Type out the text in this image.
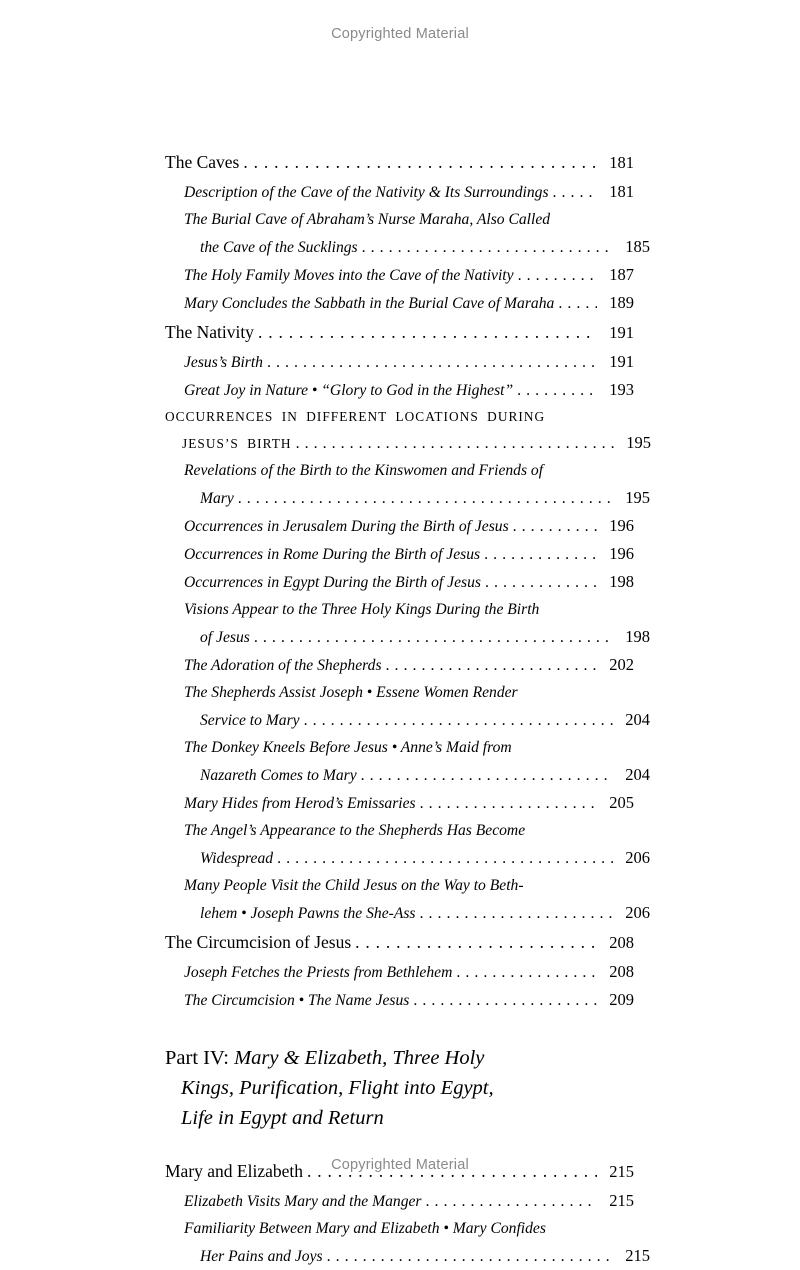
Copyrighted Material
The Caves . . .	181
Description of the Cave of the Nativity & Its Surroundings . . .	181
The Burial Cave of Abraham’s Nurse Maraha, Also Called
the Cave of the Sucklings . . .	185
The Holy Family Moves into the Cave of the Nativity . . .	187
Mary Concludes the Sabbath in the Burial Cave of Maraha . . .	189
The Nativity . . .	191
Jesus’s Birth . . .	191
Great Joy in Nature • “Glory to God in the Highest” . . .	193
OCCURRENCES IN DIFFERENT LOCATIONS DURING
JESUS’S BIRTH . . .	195
Revelations of the Birth to the Kinswomen and Friends of
Mary . . .	195
Occurrences in Jerusalem During the Birth of Jesus . . .	196
Occurrences in Rome During the Birth of Jesus . . .	196
Occurrences in Egypt During the Birth of Jesus . . .	198
Visions Appear to the Three Holy Kings During the Birth
of Jesus . . .	198
The Adoration of the Shepherds . . .	202
The Shepherds Assist Joseph • Essene Women Render
Service to Mary . . .	204
The Donkey Kneels Before Jesus • Anne’s Maid from
Nazareth Comes to Mary . . .	204
Mary Hides from Herod’s Emissaries . . .	205
The Angel’s Appearance to the Shepherds Has Become
Widespread . . .	206
Many People Visit the Child Jesus on the Way to Beth-
lehem • Joseph Pawns the She-Ass . . .	206
The Circumcision of Jesus . . .	208
Joseph Fetches the Priests from Bethlehem . . .	208
The Circumcision • The Name Jesus . . .	209
Part IV: Mary & Elizabeth, Three Holy
Kings, Purification, Flight into Egypt,
Life in Egypt and Return
Mary and Elizabeth . . .	215
Elizabeth Visits Mary and the Manger . . .	215
Familiarity Between Mary and Elizabeth • Mary Confides
Her Pains and Joys . . .	215
Copyrighted Material
